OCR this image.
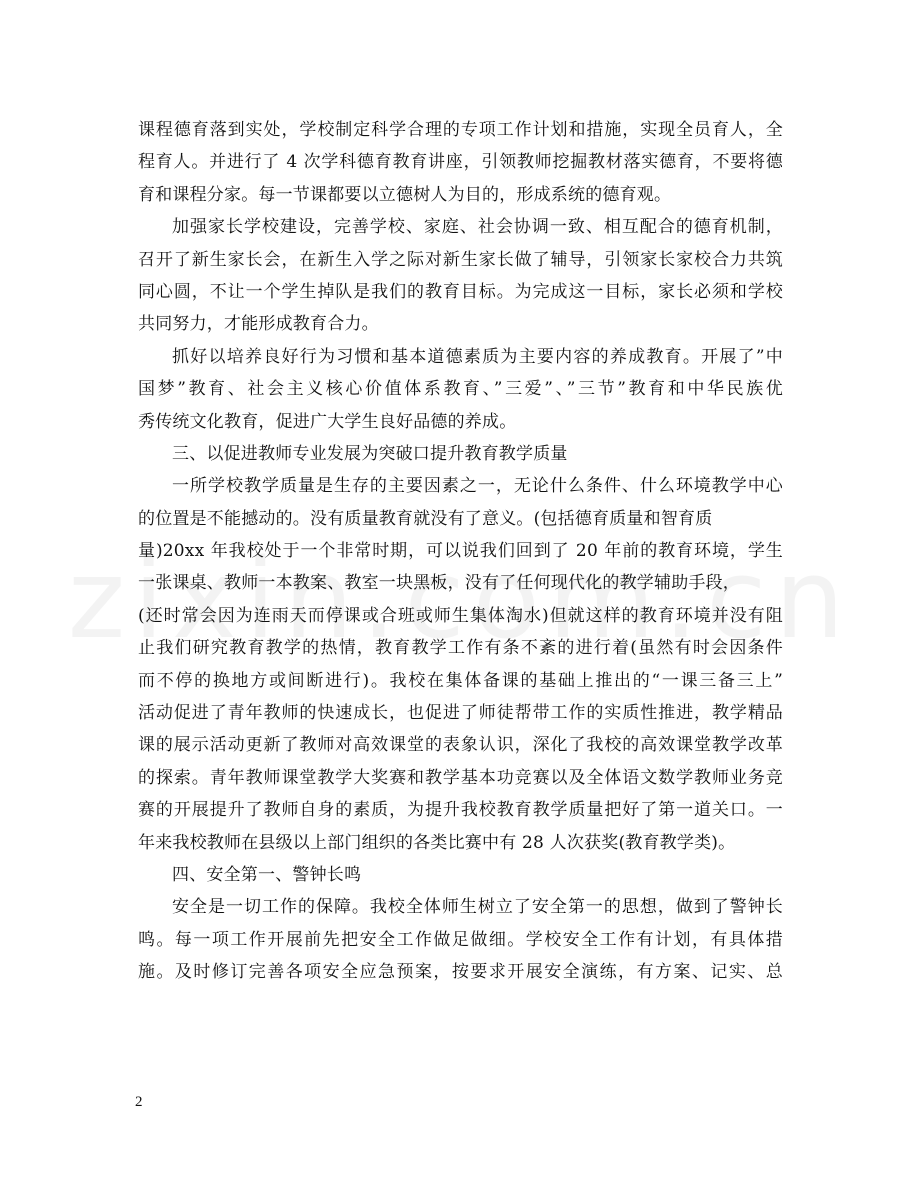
课程德育落到实处，学校制定科学合理的专项工作计划和措施，实现全员育人，全
程育人。并进行了 4 次学科德育教育讲座，引领教师挖掘教材落实德育，不要将德
育和课程分家。每一节课都要以立德树人为目的，形成系统的德育观。
加强家长学校建设，完善学校、家庭、社会协调一致、相互配合的德育机制，
召开了新生家长会，在新生入学之际对新生家长做了辅导，引领家长家校合力共筑
同心圆，不让一个学生掉队是我们的教育目标。为完成这一目标，家长必须和学校
共同努力，才能形成教育合力。
抓好以培养良好行为习惯和基本道德素质为主要内容的养成教育。开展了”中
国梦”教育、社会主义核心价值体系教育、”三爱”、”三节”教育和中华民族优
秀传统文化教育，促进广大学生良好品德的养成。
三、以促进教师专业发展为突破口提升教育教学质量
一所学校教学质量是生存的主要因素之一，无论什么条件、什么环境教学中心
的位置是不能撼动的。没有质量教育就没有了意义。(包括德育质量和智育质
量)20xx 年我校处于一个非常时期，可以说我们回到了 20 年前的教育环境，学生
一张课桌、教师一本教案、教室一块黑板，没有了任何现代化的教学辅助手段，
(还时常会因为连雨天而停课或合班或师生集体淘水)但就这样的教育环境并没有阻
止我们研究教育教学的热情，教育教学工作有条不紊的进行着(虽然有时会因条件
而不停的换地方或间断进行)。我校在集体备课的基础上推出的“一课三备三上”
活动促进了青年教师的快速成长，也促进了师徒帮带工作的实质性推进，教学精品
课的展示活动更新了教师对高效课堂的表象认识，深化了我校的高效课堂教学改革
的探索。青年教师课堂教学大奖赛和教学基本功竞赛以及全体语文数学教师业务竞
赛的开展提升了教师自身的素质，为提升我校教育教学质量把好了第一道关口。一
年来我校教师在县级以上部门组织的各类比赛中有 28 人次获奖(教育教学类)。
四、安全第一、警钟长鸣
安全是一切工作的保障。我校全体师生树立了安全第一的思想，做到了警钟长
鸣。每一项工作开展前先把安全工作做足做细。学校安全工作有计划，有具体措
施。及时修订完善各项安全应急预案，按要求开展安全演练，有方案、记实、总
2
